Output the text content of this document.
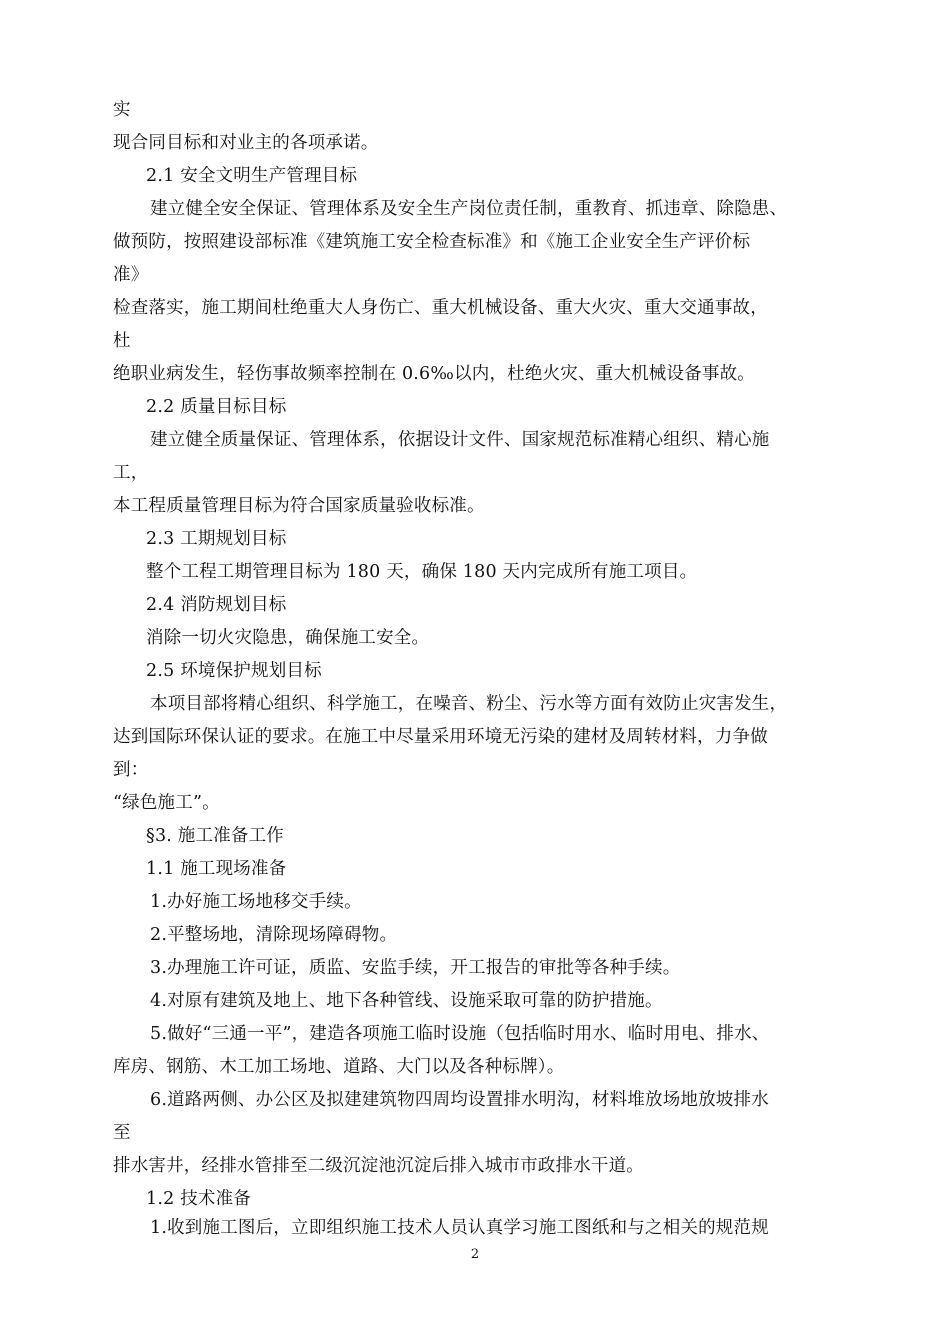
实
现合同目标和对业主的各项承诺。
2.1 安全文明生产管理目标
建立健全安全保证、管理体系及安全生产岗位责任制，重教育、抓违章、除隐患、
做预防，按照建设部标准《建筑施工安全检查标准》和《施工企业安全生产评价标
准》
检查落实，施工期间杜绝重大人身伤亡、重大机械设备、重大火灾、重大交通事故，
杜
绝职业病发生，轻伤事故频率控制在 0.6‰以内，杜绝火灾、重大机械设备事故。
2.2 质量目标目标
建立健全质量保证、管理体系，依据设计文件、国家规范标准精心组织、精心施
工，
本工程质量管理目标为符合国家质量验收标准。
2.3 工期规划目标
整个工程工期管理目标为 180 天，确保 180 天内完成所有施工项目。
2.4 消防规划目标
消除一切火灾隐患，确保施工安全。
2.5 环境保护规划目标
本项目部将精心组织、科学施工，在噪音、粉尘、污水等方面有效防止灾害发生，
达到国际环保认证的要求。在施工中尽量采用环境无污染的建材及周转材料，力争做
到：
“绿色施工”。
§3. 施工准备工作
1.1 施工现场准备
1.办好施工场地移交手续。
2.平整场地，清除现场障碍物。
3.办理施工许可证，质监、安监手续，开工报告的审批等各种手续。
4.对原有建筑及地上、地下各种管线、设施采取可靠的防护措施。
5.做好“三通一平”，建造各项施工临时设施（包括临时用水、临时用电、排水、
库房、钢筋、木工加工场地、道路、大门以及各种标牌）。
6.道路两侧、办公区及拟建建筑物四周均设置排水明沟，材料堆放场地放坡排水
至
排水害井，经排水管排至二级沉淀池沉淀后排入城市市政排水干道。
1.2 技术准备
1.收到施工图后，立即组织施工技术人员认真学习施工图纸和与之相关的规范规
2
